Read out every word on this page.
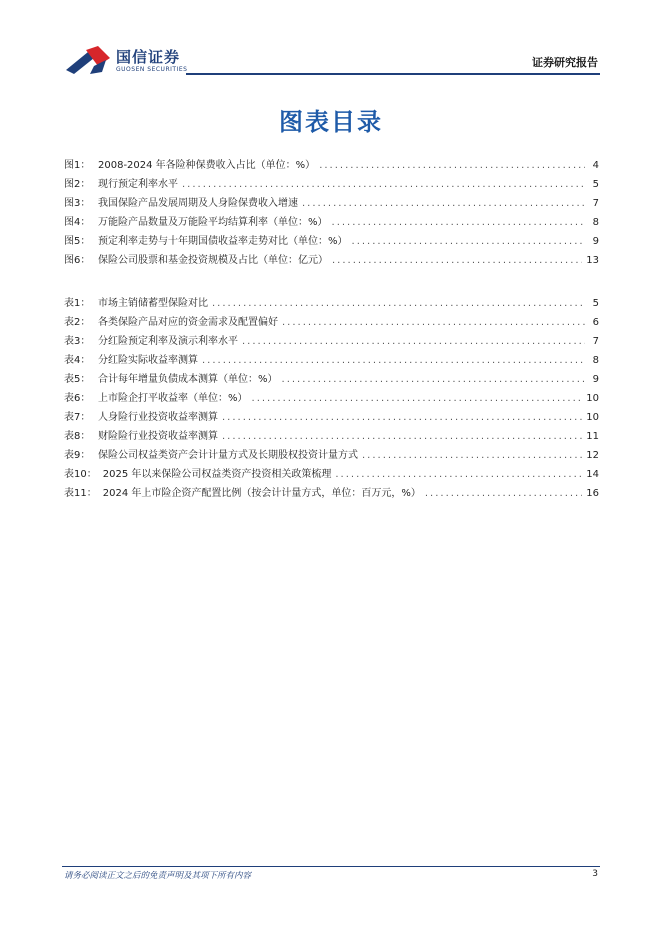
国信证券
GUOSEN SECURITIES
证券研究报告
图表目录
图1： 2008-2024 年各险种保费收入占比（单位：%） .....	4
图2： 现行预定利率水平 .....	5
图3： 我国保险产品发展周期及人身险保费收入增速 .....	7
图4： 万能险产品数量及万能险平均结算利率（单位：%） .....	8
图5： 预定利率走势与十年期国债收益率走势对比（单位：%） .....	9
图6： 保险公司股票和基金投资规模及占比（单位：亿元） .....	13
表1： 市场主销储蓄型保险对比 .....	5
表2： 各类保险产品对应的资金需求及配置偏好 .....	6
表3： 分红险预定利率及演示利率水平 .....	7
表4： 分红险实际收益率测算 .....	8
表5： 合计每年增量负债成本测算（单位：%） .....	9
表6： 上市险企打平收益率（单位：%） .....	10
表7： 人身险行业投资收益率测算 .....	10
表8： 财险险行业投资收益率测算 .....	11
表9： 保险公司权益类资产会计计量方式及长期股权投资计量方式 .....	12
表10： 2025 年以来保险公司权益类资产投资相关政策梳理 .....	14
表11： 2024 年上市险企资产配置比例（按会计计量方式，单位：百万元，%） .....	16
请务必阅读正文之后的免责声明及其项下所有内容	3
